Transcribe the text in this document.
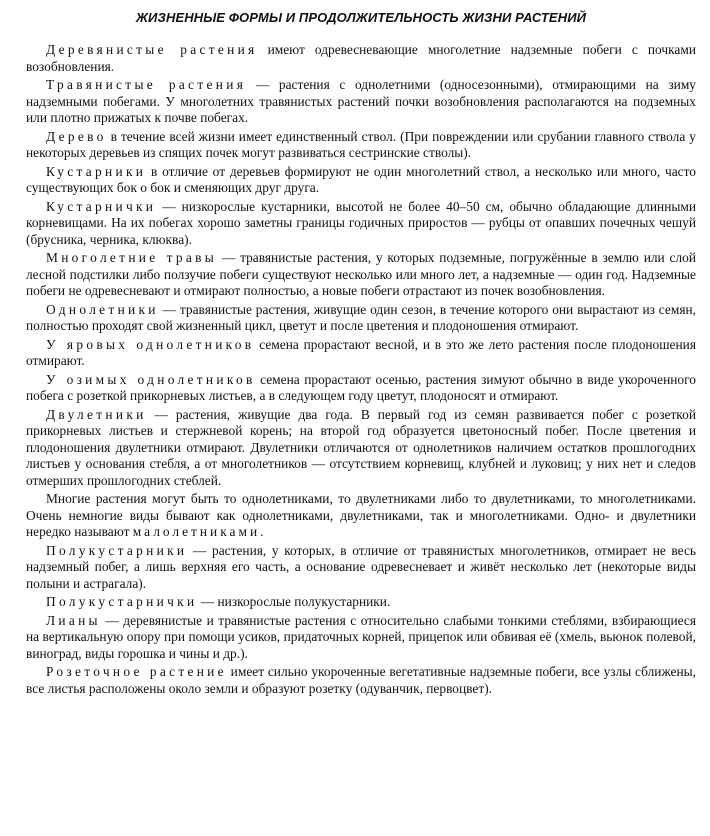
ЖИЗНЕННЫЕ ФОРМЫ И ПРОДОЛЖИТЕЛЬНОСТЬ ЖИЗНИ РАСТЕНИЙ

Деревянистые растения имеют одревесневающие многолетние надземные побеги с почками возобновления.

Травянистые растения — растения с однолетними (односезонными), отмирающими на зиму надземными побегами. У многолетних травянистых растений почки возобновления располагаются на подземных или плотно прижатых к почве побегах.

Дерево в течение всей жизни имеет единственный ствол. (При повреждении или срубании главного ствола у некоторых деревьев из спящих почек могут развиваться сестринские стволы).

Кустарники в отличие от деревьев формируют не один многолетний ствол, а несколько или много, часто существующих бок о бок и сменяющих друг друга.

Кустарнички — низкорослые кустарники, высотой не более 40–50 см, обычно обладающие длинными корневищами. На их побегах хорошо заметны границы годичных приростов — рубцы от опавших почечных чешуй (брусника, черника, клюква).

Многолетние травы — травянистые растения, у которых подземные, погружённые в землю или слой лесной подстилки либо ползучие побеги существуют несколько или много лет, а надземные — один год. Надземные побеги не одревесневают и отмирают полностью, а новые побеги отрастают из почек возобновления.

Однолетники — травянистые растения, живущие один сезон, в течение которого они вырастают из семян, полностью проходят свой жизненный цикл, цветут и после цветения и плодоношения отмирают.

У яровых однолетников семена прорастают весной, и в это же лето растения после плодоношения отмирают.

У озимых однолетников семена прорастают осенью, растения зимуют обычно в виде укороченного побега с розеткой прикорневых листьев, а в следующем году цветут, плодоносят и отмирают.

Двулетники — растения, живущие два года. В первый год из семян развивается побег с розеткой прикорневых листьев и стержневой корень; на второй год образуется цветоносный побег. После цветения и плодоношения двулетники отмирают. Двулетники отличаются от однолетников наличием остатков прошлогодних листьев у основания стебля, а от многолетников — отсутствием корневищ, клубней и луковиц; у них нет и следов отмерших прошлогодних стеблей.

Многие растения могут быть то однолетниками, то двулетниками либо то двулетниками, то многолетниками. Очень немногие виды бывают как однолетниками, двулетниками, так и многолетниками. Одно- и двулетники нередко называют малолетниками.

Полукустарники — растения, у которых, в отличие от травянистых многолетников, отмирает не весь надземный побег, а лишь верхняя его часть, а основание одревесневает и живёт несколько лет (некоторые виды полыни и астрагала).

Полукустарнички — низкорослые полукустарники.

Лианы — деревянистые и травянистые растения с относительно слабыми тонкими стеблями, взбирающиеся на вертикальную опору при помощи усиков, придаточных корней, прицепок или обвивая её (хмель, вьюнок полевой, виноград, виды горошка и чины и др.).

Розеточное растение имеет сильно укороченные вегетативные надземные побеги, все узлы сближены, все листья расположены около земли и образуют розетку (одуванчик, первоцвет).
